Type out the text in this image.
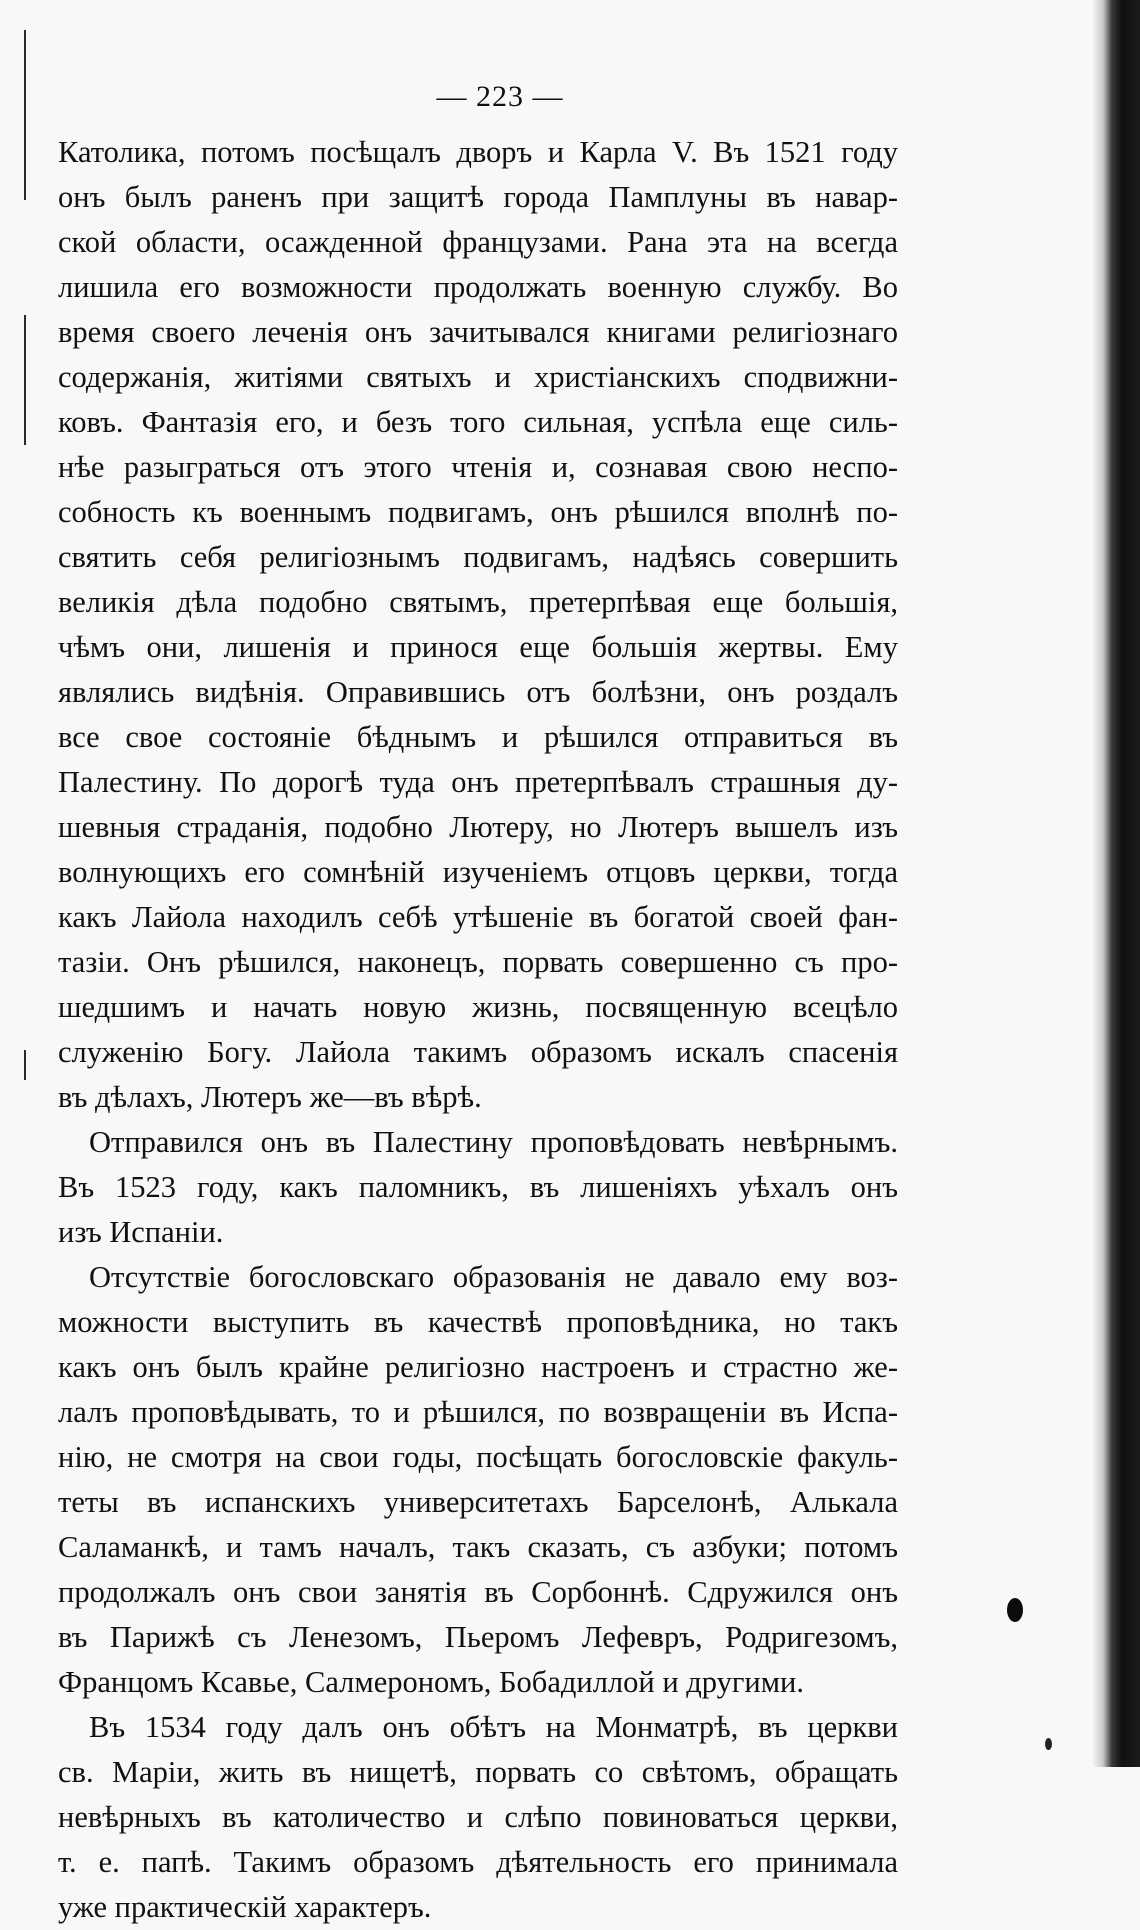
— 223 —
Католика, потомъ посѣщалъ дворъ и Карла V. Въ 1521 году
онъ былъ раненъ при защитѣ города Памплуны въ навар-
ской области, осажденной французами. Рана эта на всегда
лишила его возможности продолжать военную службу. Во
время своего леченія онъ зачитывался книгами религіознаго
содержанія, житіями святыхъ и христіанскихъ сподвижни-
ковъ. Фантазія его, и безъ того сильная, успѣла еще силь-
нѣе разыграться отъ этого чтенія и, сознавая свою неспо-
собность къ военнымъ подвигамъ, онъ рѣшился вполнѣ по-
святить себя религіознымъ подвигамъ, надѣясь совершить
великія дѣла подобно святымъ, претерпѣвая еще большія,
чѣмъ они, лишенія и принося еще большія жертвы. Ему
являлись видѣнія. Оправившись отъ болѣзни, онъ роздалъ
все свое состояніе бѣднымъ и рѣшился отправиться въ
Палестину. По дорогѣ туда онъ претерпѣвалъ страшныя ду-
шевныя страданія, подобно Лютеру, но Лютеръ вышелъ изъ
волнующихъ его сомнѣній изученіемъ отцовъ церкви, тогда
какъ Лайола находилъ себѣ утѣшеніе въ богатой своей фан-
тазіи. Онъ рѣшился, наконецъ, порвать совершенно съ про-
шедшимъ и начать новую жизнь, посвященную всецѣло
служенію Богу. Лайола такимъ образомъ искалъ спасенія
въ дѣлахъ, Лютеръ же—въ вѣрѣ.
Отправился онъ въ Палестину проповѣдовать невѣрнымъ.
Въ 1523 году, какъ паломникъ, въ лишеніяхъ уѣхалъ онъ
изъ Испаніи.
Отсутствіе богословскаго образованія не давало ему воз-
можности выступить въ качествѣ проповѣдника, но такъ
какъ онъ былъ крайне религіозно настроенъ и страстно же-
лалъ проповѣдывать, то и рѣшился, по возвращеніи въ Испа-
нію, не смотря на свои годы, посѣщать богословскіе факуль-
теты въ испанскихъ университетахъ Барселонѣ, Алькала
Саламанкѣ, и тамъ началъ, такъ сказать, съ азбуки; потомъ
продолжалъ онъ свои занятія въ Сорбоннѣ. Сдружился онъ
въ Парижѣ съ Ленезомъ, Пьеромъ Лефевръ, Родригезомъ,
Францомъ Ксавье, Салмерономъ, Бобадиллой и другими.
Въ 1534 году далъ онъ обѣтъ на Монматрѣ, въ церкви
св. Маріи, жить въ нищетѣ, порвать со свѣтомъ, обращать
невѣрныхъ въ католичество и слѣпо повиноваться церкви,
т. е. папѣ. Такимъ образомъ дѣятельность его принимала
уже практическій характеръ.
